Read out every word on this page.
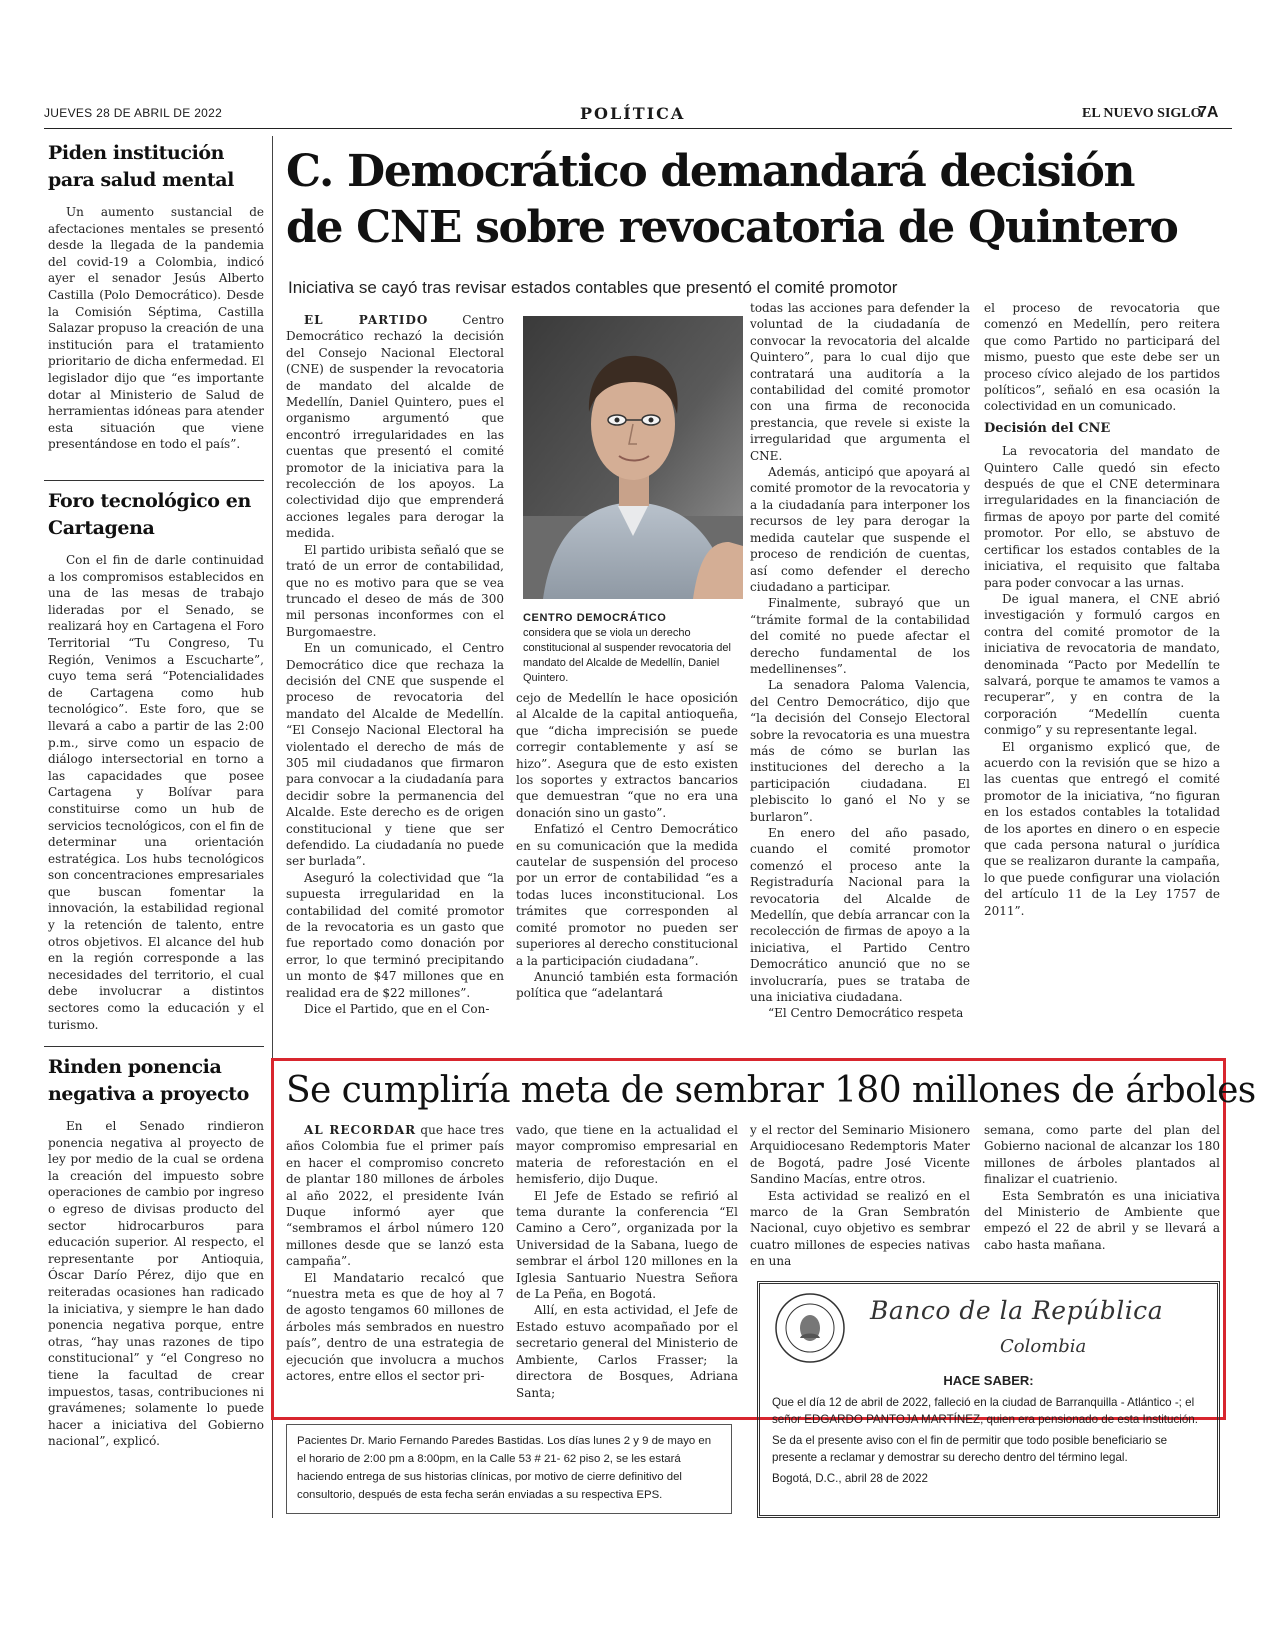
JUEVES 28 DE ABRIL DE 2022	POLÍTICA	EL NUEVO SIGLO
7A
Piden institución para salud mental
Un aumento sustancial de afectaciones mentales se presentó desde la llegada de la pandemia del covid-19 a Colombia, indicó ayer el senador Jesús Alberto Castilla (Polo Democrático). Desde la Comisión Séptima, Castilla Salazar propuso la creación de una institución para el tratamiento prioritario de dicha enfermedad. El legislador dijo que “es importante dotar al Ministerio de Salud de herramientas idóneas para atender esta situación que viene presentándose en todo el país”.
Foro tecnológico en Cartagena
Con el fin de darle continuidad a los compromisos establecidos en una de las mesas de trabajo lideradas por el Senado, se realizará hoy en Cartagena el Foro Territorial “Tu Congreso, Tu Región, Venimos a Escucharte”, cuyo tema será “Potencialidades de Cartagena como hub tecnológico”. Este foro, que se llevará a cabo a partir de las 2:00 p.m., sirve como un espacio de diálogo intersectorial en torno a las capacidades que posee Cartagena y Bolívar para constituirse como un hub de servicios tecnológicos, con el fin de determinar una orientación estratégica. Los hubs tecnológicos son concentraciones empresariales que buscan fomentar la innovación, la estabilidad regional y la retención de talento, entre otros objetivos. El alcance del hub en la región corresponde a las necesidades del territorio, el cual debe involucrar a distintos sectores como la educación y el turismo.
Rinden ponencia negativa a proyecto
En el Senado rindieron ponencia negativa al proyecto de ley por medio de la cual se ordena la creación del impuesto sobre operaciones de cambio por ingreso o egreso de divisas producto del sector hidrocarburos para educación superior. Al respecto, el representante por Antioquia, Óscar Darío Pérez, dijo que en reiteradas ocasiones han radicado la iniciativa, y siempre le han dado ponencia negativa porque, entre otras, “hay unas razones de tipo constitucional” y “el Congreso no tiene la facultad de crear impuestos, tasas, contribuciones ni gravámenes; solamente lo puede hacer a iniciativa del Gobierno nacional”, explicó.
C. Democrático demandará decisión
de CNE sobre revocatoria de Quintero
Iniciativa se cayó tras revisar estados contables que presentó el comité promotor

EL PARTIDO	Centro Democrático rechazó la decisión del Consejo Nacional Electoral (CNE) de suspender la revocatoria de mandato del alcalde de Medellín, Daniel Quintero, pues el organismo argumentó que encontró irregularidades en las cuentas que presentó el comité promotor de la iniciativa para la recolección de los apoyos. La colectividad dijo que emprenderá acciones legales para derogar la medida.

El partido uribista señaló que se trató de un error de contabilidad, que no es motivo para que se vea truncado el deseo de más de 300 mil personas inconformes con el Burgomaestre.

En un comunicado, el Centro Democrático dice que rechaza la decisión del CNE que suspende el proceso de revocatoria del mandato del Alcalde de Medellín. “El Consejo Nacional Electoral ha violentado el derecho de más de 305 mil ciudadanos que firmaron para convocar a la ciudadanía para decidir sobre la permanencia del Alcalde. Este derecho es de origen constitucional y tiene que ser defendido. La ciudadanía no puede ser burlada”.

Aseguró la colectividad que “la supuesta irregularidad en la contabilidad del comité promotor de la revocatoria es un gasto que fue reportado como donación por error, lo que terminó precipitando un monto de $47 millones que en realidad era de $22 millones”.

Dice el Partido, que en el Con-

CENTRO DEMOCRÁTICO
considera que se viola un derecho constitucional al suspender revocatoria del mandato del Alcalde de Medellín, Daniel Quintero.

cejo de Medellín le hace oposición al Alcalde de la capital antioqueña, que “dicha imprecisión se puede corregir contablemente y así se hizo”. Asegura que de esto existen los soportes y extractos bancarios que demuestran “que no era una donación sino un gasto”.

Enfatizó el Centro Democrático en su comunicación que la medida cautelar de suspensión del proceso por un error de contabilidad “es a todas luces inconstitucional. Los trámites que corresponden al comité promotor no pueden ser superiores al derecho constitucional a la participación ciudadana”.

Anunció también esta formación política que “adelantará

todas las acciones para defender la voluntad de la ciudadanía de convocar la revocatoria del alcalde Quintero”, para lo cual dijo que contratará una auditoría a la contabilidad del comité promotor con una firma de reconocida prestancia, que revele si existe la irregularidad que argumenta el CNE.

Además, anticipó que apoyará al comité promotor de la revocatoria y a la ciudadanía para interponer los recursos de ley para derogar la medida cautelar que suspende el proceso de rendición de cuentas, así como defender el derecho ciudadano a participar.

Finalmente, subrayó que un “trámite formal de la contabilidad del comité no puede afectar el derecho fundamental de los medellinenses”.

La senadora Paloma Valencia, del Centro Democrático, dijo que “la decisión del Consejo Electoral sobre la revocatoria es una muestra más de cómo se burlan las instituciones del derecho a la participación ciudadana. El plebiscito lo ganó el No y se burlaron”.

En enero del año pasado, cuando el comité promotor comenzó el proceso ante la Registraduría Nacional para la revocatoria del Alcalde de Medellín, que debía arrancar con la recolección de firmas de apoyo a la iniciativa, el Partido Centro Democrático anunció que no se involucraría, pues se trataba de una iniciativa ciudadana.

“El Centro Democrático respeta

el proceso de revocatoria que comenzó en Medellín, pero reitera que como Partido no participará del mismo, puesto que este debe ser un proceso cívico alejado de los partidos políticos”, señaló en esa ocasión la colectividad en un comunicado.

Decisión del CNE

La revocatoria del mandato de Quintero Calle quedó sin efecto después de que el CNE determinara irregularidades en la financiación de firmas de apoyo por parte del comité promotor. Por ello, se abstuvo de certificar los estados contables de la iniciativa, el requisito que faltaba para poder convocar a las urnas.

De igual manera, el CNE abrió investigación y formuló cargos en contra del comité promotor de la iniciativa de revocatoria de mandato, denominada “Pacto por Medellín te salvará, porque te amamos te vamos a recuperar”, y en contra de la corporación “Medellín cuenta conmigo” y su representante legal.

El organismo explicó que, de acuerdo con la revisión que se hizo a las cuentas que entregó el comité promotor de la iniciativa, “no figuran en los estados contables la totalidad de los aportes en dinero o en especie que cada persona natural o jurídica que se realizaron durante la campaña, lo que puede configurar una violación del artículo 11 de la Ley 1757 de 2011”.

Se cumpliría meta de sembrar 180 millones de árboles

AL RECORDAR que hace tres años Colombia fue el primer país en hacer el compromiso concreto de plantar 180 millones de árboles al año 2022, el presidente Iván Duque informó ayer que “sembramos el árbol número 120 millones desde que se lanzó esta campaña”.

El Mandatario recalcó que “nuestra meta es que de hoy al 7 de agosto tengamos 60 millones de árboles más sembrados en nuestro país”, dentro de una estrategia de ejecución que involucra a muchos actores, entre ellos el sector pri-

vado, que tiene en la actualidad el mayor compromiso empresarial en materia de reforestación en el hemisferio, dijo Duque.

El Jefe de Estado se refirió al tema durante la conferencia “El Camino a Cero”, organizada por la Universidad de la Sabana, luego de sembrar el árbol 120 millones en la Iglesia Santuario Nuestra Señora de La Peña, en Bogotá.

Allí, en esta actividad, el Jefe de Estado estuvo acompañado por el secretario general del Ministerio de Ambiente, Carlos Frasser; la directora de Bosques, Adriana Santa;

y el rector del Seminario Misionero Arquidiocesano Redemptoris Mater de Bogotá, padre José Vicente Sandino Macías, entre otros.

Esta actividad se realizó en el marco de la Gran Sembratón Nacional, cuyo objetivo es sembrar cuatro millones de especies nativas en una

semana, como parte del plan del Gobierno nacional de alcanzar los 180 millones de árboles plantados al finalizar el cuatrienio.

Esta Sembratón es una iniciativa del Ministerio de Ambiente que empezó el 22 de abril y se llevará a cabo hasta mañana.

Pacientes Dr. Mario Fernando Paredes Bastidas. Los días lunes 2 y 9 de mayo en el horario de 2:00 pm a 8:00pm, en la Calle 53 # 21- 62 piso 2, se les estará haciendo entrega de sus historias clínicas, por motivo de cierre definitivo del consultorio, después de esta fecha serán enviadas a su respectiva EPS.
Banco de la República
Colombia
HACE SABER:

Que el día 12 de abril de 2022, falleció en la ciudad de Barranquilla - Atlántico -; el señor EDGARDO PANTOJA MARTÍNEZ, quien era pensionado de esta Institución.

Se da el presente aviso con el fin de permitir que todo posible beneficiario se presente a reclamar y demostrar su derecho dentro del término legal.

Bogotá, D.C., abril 28 de 2022
